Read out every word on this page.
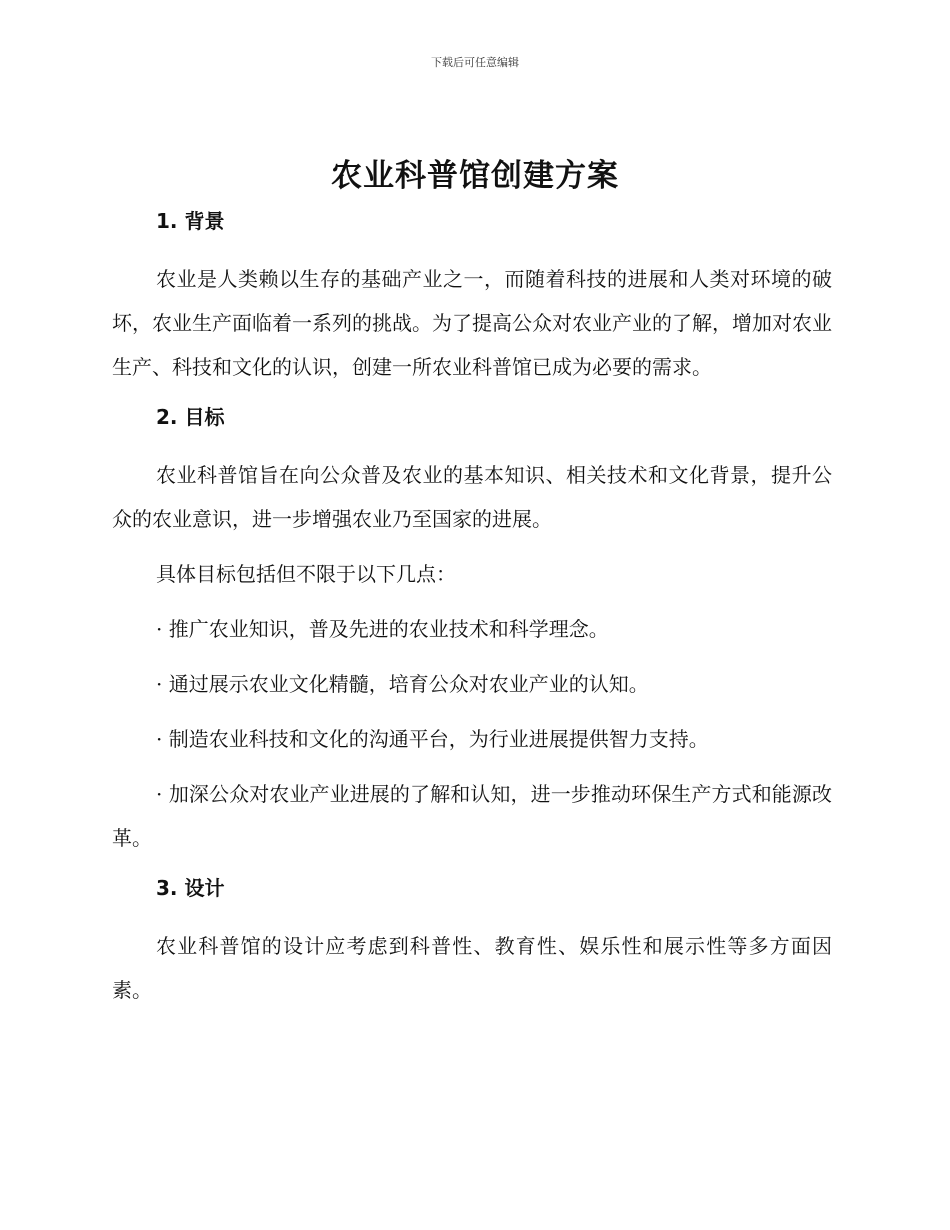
下载后可任意编辑
农业科普馆创建方案
1. 背景

农业是人类赖以生存的基础产业之一，而随着科技的进展和人类对环境的破坏，农业生产面临着一系列的挑战。为了提高公众对农业产业的了解，增加对农业生产、科技和文化的认识，创建一所农业科普馆已成为必要的需求。

2. 目标

农业科普馆旨在向公众普及农业的基本知识、相关技术和文化背景，提升公众的农业意识，进一步增强农业乃至国家的进展。

具体目标包括但不限于以下几点：

· 推广农业知识，普及先进的农业技术和科学理念。

· 通过展示农业文化精髓，培育公众对农业产业的认知。

· 制造农业科技和文化的沟通平台，为行业进展提供智力支持。

· 加深公众对农业产业进展的了解和认知，进一步推动环保生产方式和能源改革。

3. 设计

农业科普馆的设计应考虑到科普性、教育性、娱乐性和展示性等多方面因素。
